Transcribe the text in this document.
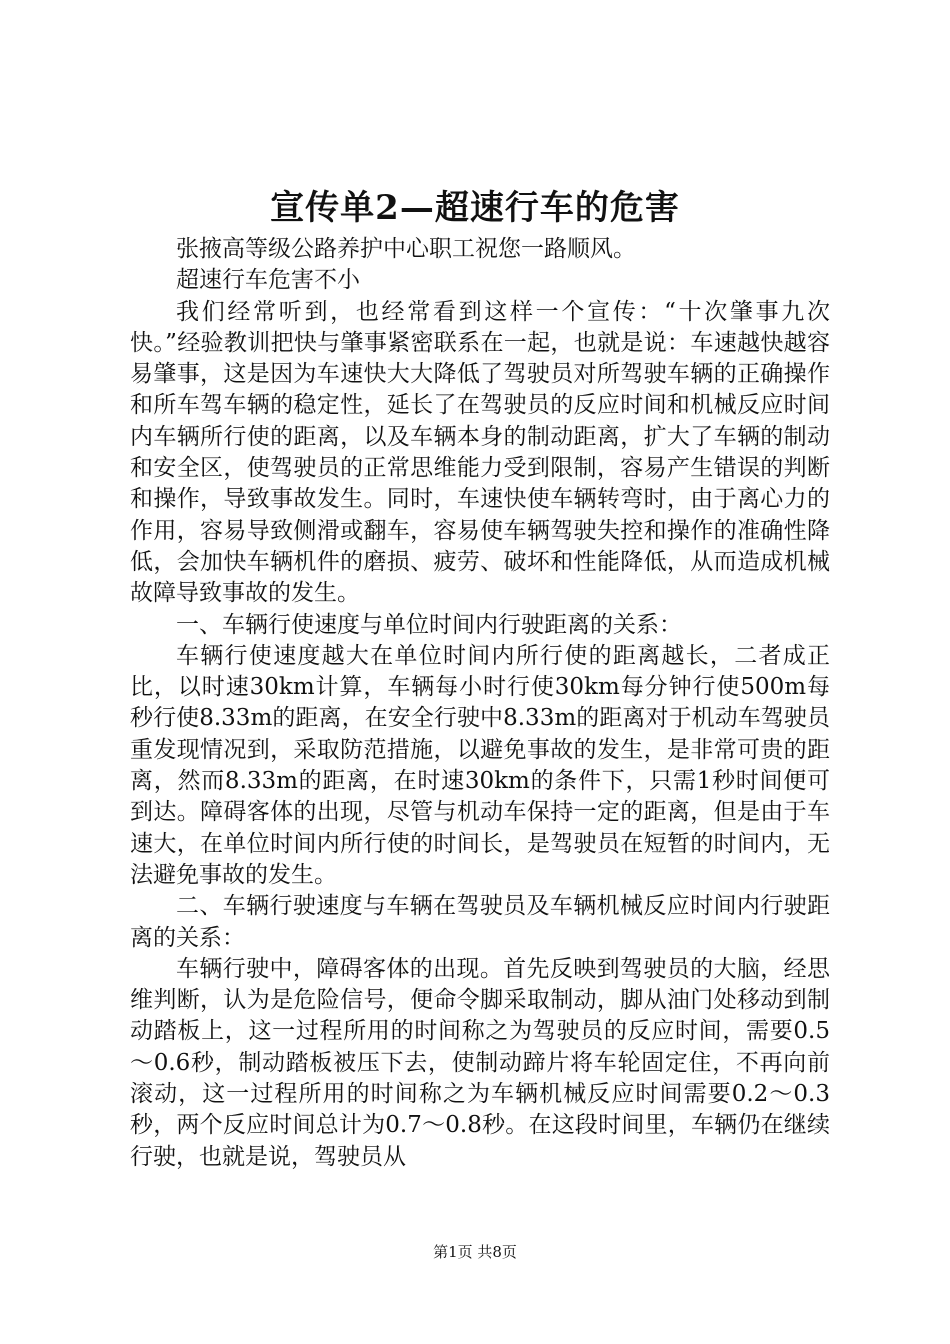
宣传单2—超速行车的危害

张掖高等级公路养护中心职工祝您一路顺风。

超速行车危害不小

我们经常听到，也经常看到这样一个宣传：“十次肇事九次快。”经验教训把快与肇事紧密联系在一起，也就是说：车速越快越容易肇事，这是因为车速快大大降低了驾驶员对所驾驶车辆的正确操作和所车驾车辆的稳定性，延长了在驾驶员的反应时间和机械反应时间内车辆所行使的距离，以及车辆本身的制动距离，扩大了车辆的制动和安全区，使驾驶员的正常思维能力受到限制，容易产生错误的判断和操作，导致事故发生。同时，车速快使车辆转弯时，由于离心力的作用，容易导致侧滑或翻车，容易使车辆驾驶失控和操作的准确性降低，会加快车辆机件的磨损、疲劳、破坏和性能降低，从而造成机械故障导致事故的发生。

一、车辆行使速度与单位时间内行驶距离的关系：

车辆行使速度越大在单位时间内所行使的距离越长，二者成正比，以时速30km计算，车辆每小时行使30km每分钟行使500m每秒行使8.33m的距离，在安全行驶中8.33m的距离对于机动车驾驶员重发现情况到，采取防范措施，以避免事故的发生，是非常可贵的距离，然而8.33m的距离，在时速30km的条件下，只需1秒时间便可到达。障碍客体的出现，尽管与机动车保持一定的距离，但是由于车速大，在单位时间内所行使的时间长，是驾驶员在短暂的时间内，无法避免事故的发生。

二、车辆行驶速度与车辆在驾驶员及车辆机械反应时间内行驶距离的关系：

车辆行驶中，障碍客体的出现。首先反映到驾驶员的大脑，经思维判断，认为是危险信号，便命令脚采取制动，脚从油门处移动到制动踏板上，这一过程所用的时间称之为驾驶员的反应时间，需要0.5～0.6秒，制动踏板被压下去，使制动蹄片将车轮固定住，不再向前滚动，这一过程所用的时间称之为车辆机械反应时间需要0.2～0.3秒，两个反应时间总计为0.7～0.8秒。在这段时间里，车辆仍在继续行驶，也就是说，驾驶员从

第1页 共8页
